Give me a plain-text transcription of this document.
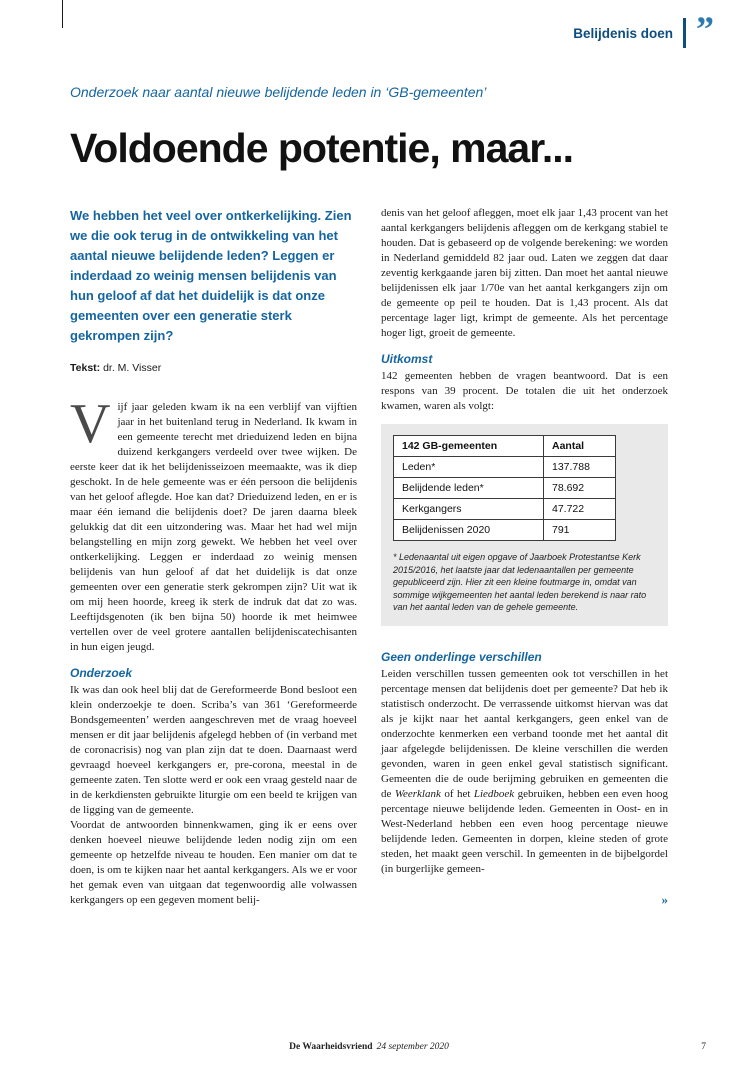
Belijdenis doen ”
Onderzoek naar aantal nieuwe belijdende leden in ‘GB-gemeenten’
Voldoende potentie, maar...
We hebben het veel over ontkerkelijking. Zien we die ook terug in de ontwikkeling van het aantal nieuwe belijdende leden? Leggen er inderdaad zo weinig mensen belijdenis van hun geloof af dat het duidelijk is dat onze gemeenten over een generatie sterk gekrompen zijn?
Tekst: dr. M. Visser

Vijf jaar geleden kwam ik na een verblijf van vijftien jaar in het buitenland terug in Nederland. Ik kwam in een gemeente terecht met drieduizend leden en bijna duizend kerkgangers verdeeld over twee wijken. De eerste keer dat ik het belijdenisseizoen meemaakte, was ik diep geschokt. In de hele gemeente was er één persoon die belijdenis van het geloof aflegde. Hoe kan dat? Drieduizend leden, en er is maar één iemand die belijdenis doet? De jaren daarna bleek gelukkig dat dit een uitzondering was. Maar het had wel mijn belangstelling en mijn zorg gewekt. We hebben het veel over ontkerkelijking. Leggen er inderdaad zo weinig mensen belijdenis van hun geloof af dat het duidelijk is dat onze gemeenten over een generatie sterk gekrompen zijn? Uit wat ik om mij heen hoorde, kreeg ik sterk de indruk dat dat zo was. Leeftijdsgenoten (ik ben bijna 50) hoorde ik met heimwee vertellen over de veel grotere aantallen belijdeniscatechisanten in hun eigen jeugd.

Onderzoek

Ik was dan ook heel blij dat de Gereformeerde Bond besloot een klein onderzoekje te doen. Scriba’s van 361 ‘Gereformeerde Bondsgemeenten’ werden aangeschreven met de vraag hoeveel mensen er dit jaar belijdenis afgelegd hebben of (in verband met de coronacrisis) nog van plan zijn dat te doen. Daarnaast werd gevraagd hoeveel kerkgangers er, pre-corona, meestal in de gemeente zaten. Ten slotte werd er ook een vraag gesteld naar de in de kerkdiensten gebruikte liturgie om een beeld te krijgen van de ligging van de gemeente.

Voordat de antwoorden binnenkwamen, ging ik er eens over denken hoeveel nieuwe belijdende leden nodig zijn om een gemeente op hetzelfde niveau te houden. Een manier om dat te doen, is om te kijken naar het aantal kerkgangers. Als we er voor het gemak even van uitgaan dat tegenwoordig alle volwassen kerkgangers op een gegeven moment belij-

denis van het geloof afleggen, moet elk jaar 1,43 procent van het aantal kerkgangers belijdenis afleggen om de kerkgang stabiel te houden. Dat is gebaseerd op de volgende berekening: we worden in Nederland gemiddeld 82 jaar oud. Laten we zeggen dat daar zeventig kerkgaande jaren bij zitten. Dan moet het aantal nieuwe belijdenissen elk jaar 1/70e van het aantal kerkgangers zijn om de gemeente op peil te houden. Dat is 1,43 procent. Als dat percentage lager ligt, krimpt de gemeente. Als het percentage hoger ligt, groeit de gemeente.

Uitkomst

142 gemeenten hebben de vragen beantwoord. Dat is een respons van 39 procent. De totalen die uit het onderzoek kwamen, waren als volgt:

142 GB-gemeenten	Aantal
Leden*	137.788
Belijdende leden*	78.692
Kerkgangers	47.722
Belijdenissen 2020	791
* Ledenaantal uit eigen opgave of Jaarboek Protestantse Kerk 2015/2016, het laatste jaar dat ledenaantallen per gemeente gepubliceerd zijn. Hier zit een kleine foutmarge in, omdat van sommige wijkgemeenten het aantal leden berekend is naar rato van het aantal leden van de gehele gemeente.
Geen onderlinge verschillen

Leiden verschillen tussen gemeenten ook tot verschillen in het percentage mensen dat belijdenis doet per gemeente? Dat heb ik statistisch onderzocht. De verrassende uitkomst hiervan was dat als je kijkt naar het aantal kerkgangers, geen enkel van de onderzochte kenmerken een verband toonde met het aantal dit jaar afgelegde belijdenissen. De kleine verschillen die werden gevonden, waren in geen enkel geval statistisch significant. Gemeenten die de oude berijming gebruiken en gemeenten die de Weerklank of het Liedboek gebruiken, hebben een even hoog percentage nieuwe belijdende leden. Gemeenten in Oost- en in West-Nederland hebben een even hoog percentage nieuwe belijdende leden. Gemeenten in dorpen, kleine steden of grote steden, het maakt geen verschil. In gemeenten in de bijbelgordel (in burgerlijke gemeen-

»
De Waarheidsvriend 24 september 2020	7
